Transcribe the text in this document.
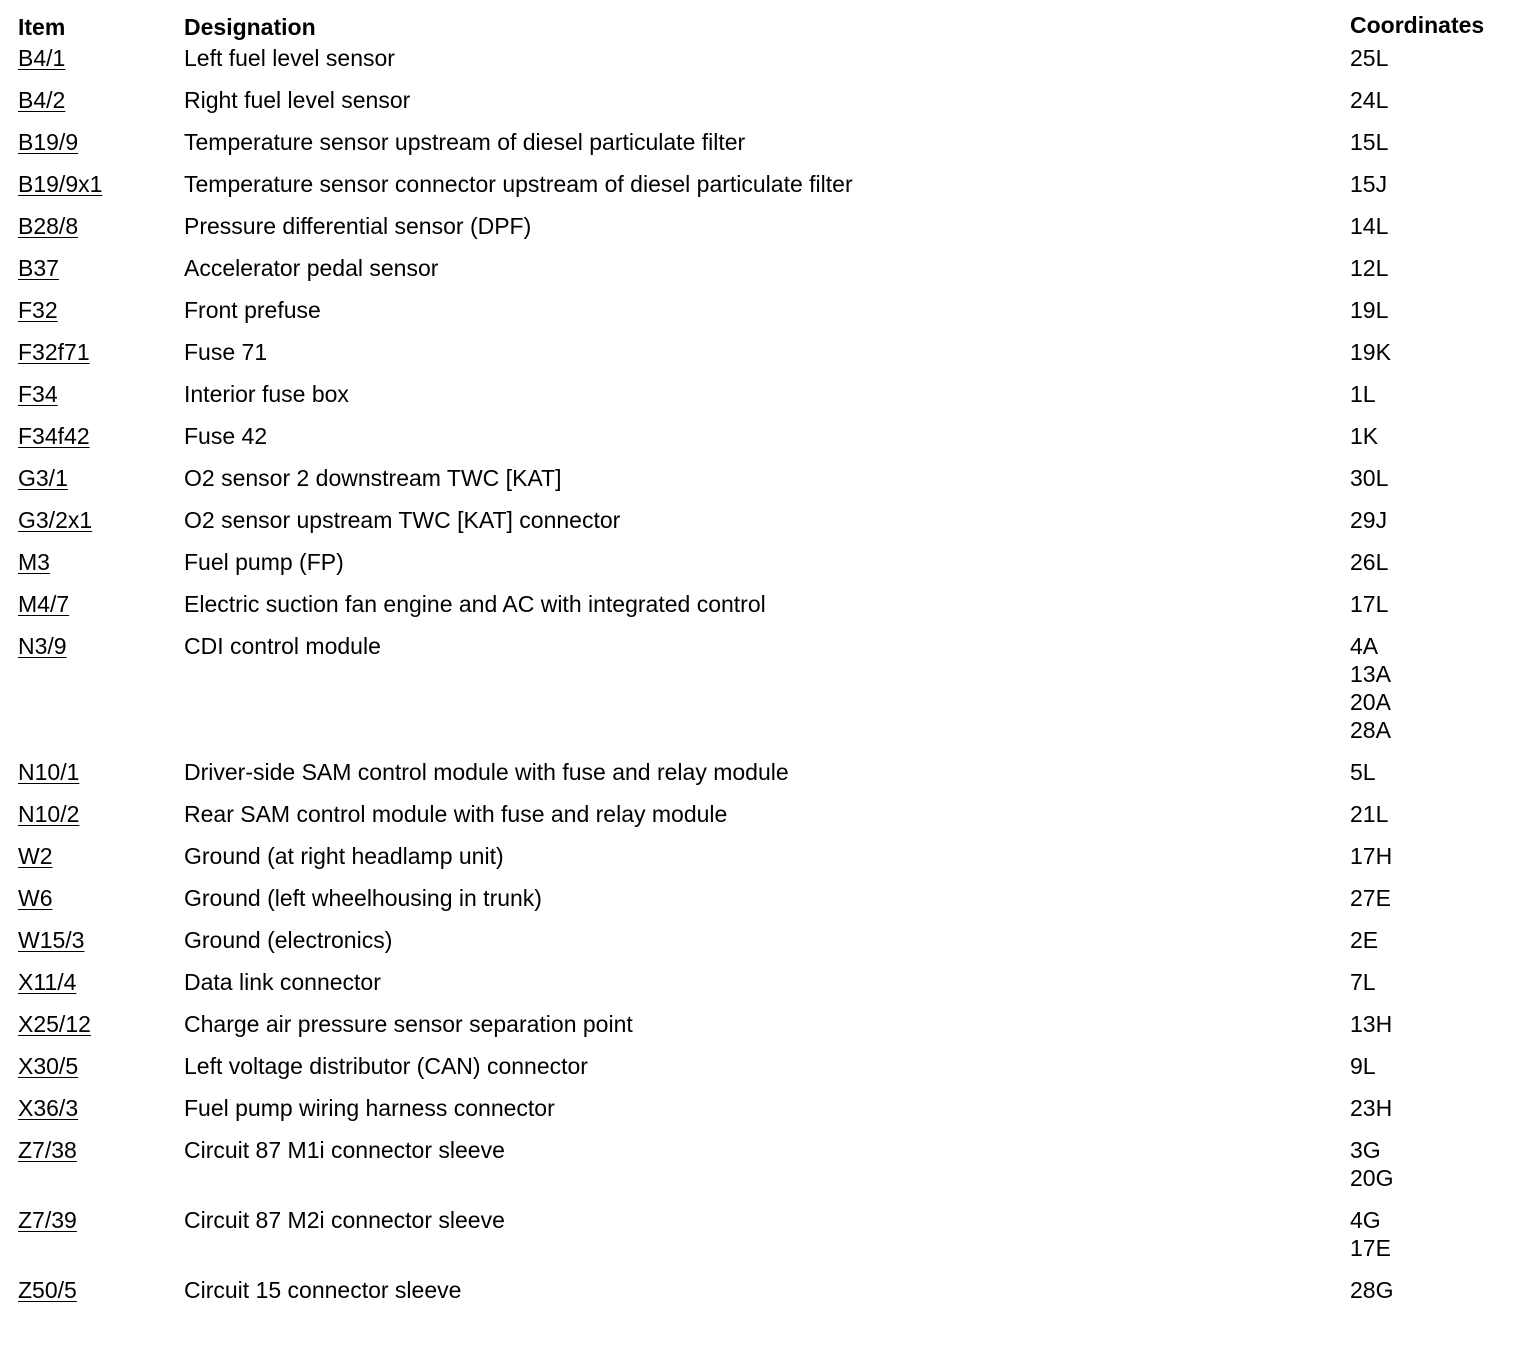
Item	Designation	Coordinates
B4/1	Left fuel level sensor	25L
B4/2	Right fuel level sensor	24L
B19/9	Temperature sensor upstream of diesel particulate filter	15L
B19/9x1	Temperature sensor connector upstream of diesel particulate filter	15J
B28/8	Pressure differential sensor (DPF)	14L
B37	Accelerator pedal sensor	12L
F32	Front prefuse	19L
F32f71	Fuse 71	19K
F34	Interior fuse box	1L
F34f42	Fuse 42	1K
G3/1	O2 sensor 2 downstream TWC [KAT]	30L
G3/2x1	O2 sensor upstream TWC [KAT] connector	29J
M3	Fuel pump (FP)	26L
M4/7	Electric suction fan engine and AC with integrated control	17L
N3/9	CDI control module	4A
13A
20A
28A
N10/1	Driver-side SAM control module with fuse and relay module	5L
N10/2	Rear SAM control module with fuse and relay module	21L
W2	Ground (at right headlamp unit)	17H
W6	Ground (left wheelhousing in trunk)	27E
W15/3	Ground (electronics)	2E
X11/4	Data link connector	7L
X25/12	Charge air pressure sensor separation point	13H
X30/5	Left voltage distributor (CAN) connector	9L
X36/3	Fuel pump wiring harness connector	23H
Z7/38	Circuit 87 M1i connector sleeve	3G
20G
Z7/39	Circuit 87 M2i connector sleeve	4G
17E
Z50/5	Circuit 15 connector sleeve	28G
